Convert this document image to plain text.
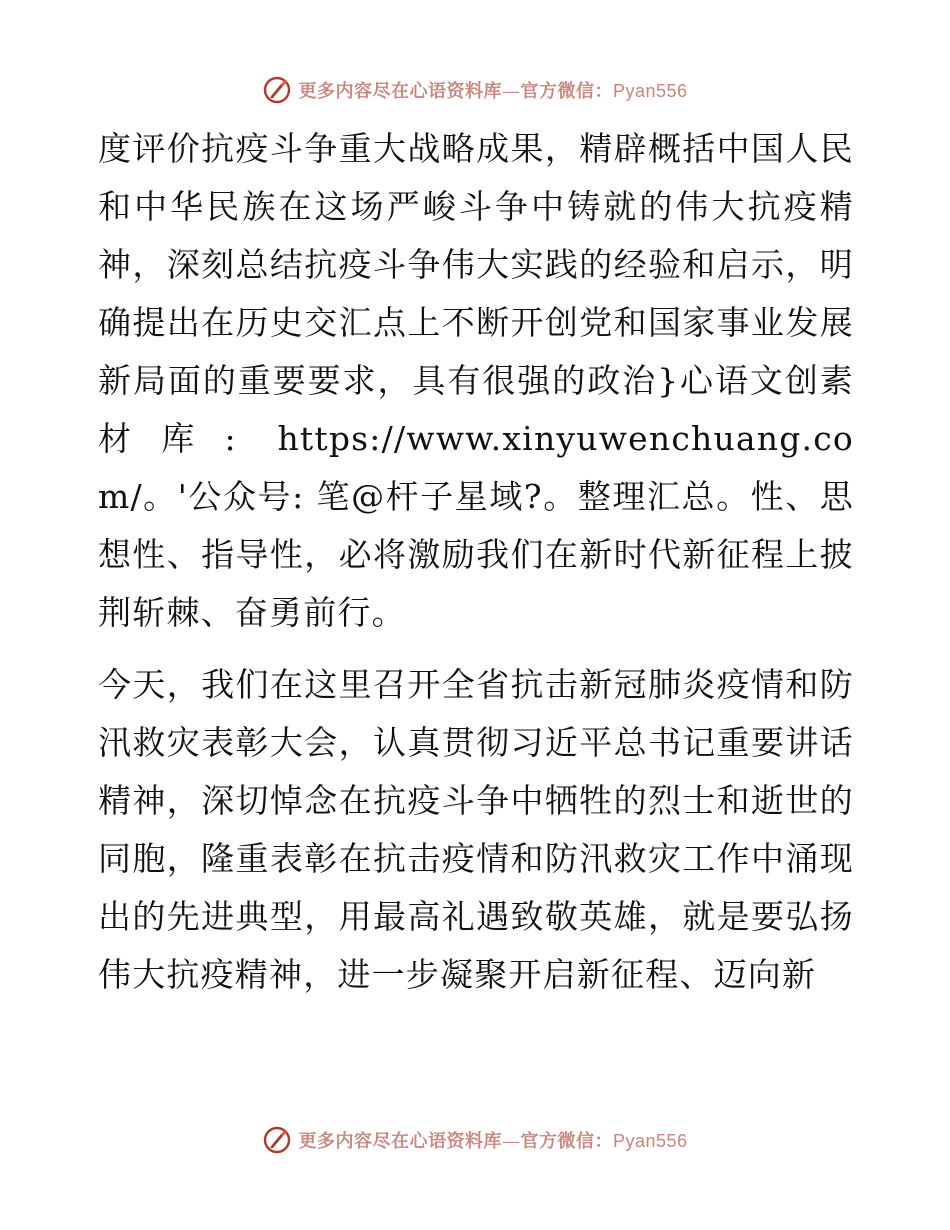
更多内容尽在心语资料库—官方微信：Pyan556

度评价抗疫斗争重大战略成果，精辟概括中国人民和中华民族在这场严峻斗争中铸就的伟大抗疫精神，深刻总结抗疫斗争伟大实践的经验和启示，明确提出在历史交汇点上不断开创党和国家事业发展新局面的重要要求，具有很强的政治}心语文创素材库: https://www.xinyuwenchuang.com/。'公众号: 笔@杆子星域?。整理汇总。性、思想性、指导性，必将激励我们在新时代新征程上披荆斩棘、奋勇前行。

今天，我们在这里召开全省抗击新冠肺炎疫情和防汛救灾表彰大会，认真贯彻习近平总书记重要讲话精神，深切悼念在抗疫斗争中牺牲的烈士和逝世的同胞，隆重表彰在抗击疫情和防汛救灾工作中涌现出的先进典型，用最高礼遇致敬英雄，就是要弘扬伟大抗疫精神，进一步凝聚开启新征程、迈向新

更多内容尽在心语资料库—官方微信：Pyan556
